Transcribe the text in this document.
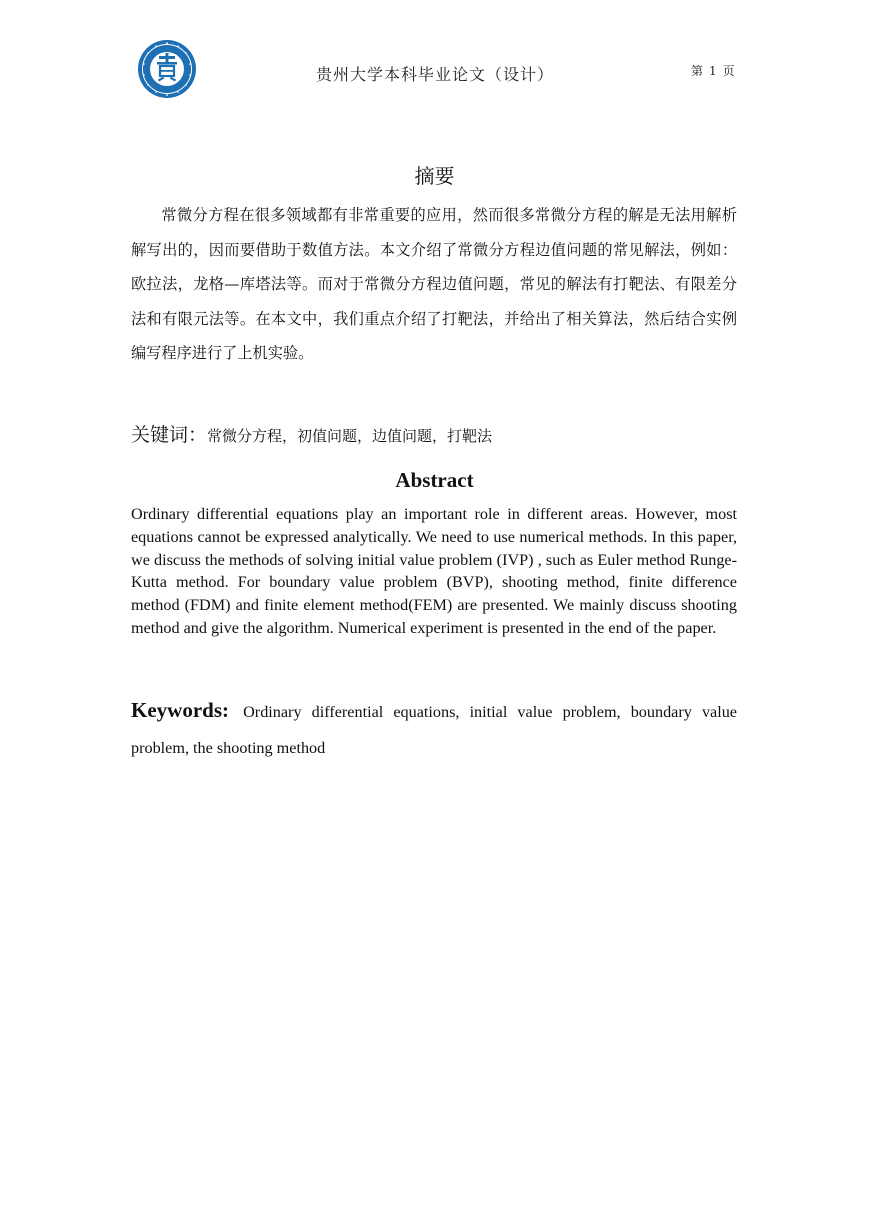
贵州大学本科毕业论文（设计）	第 1 页
摘要
常微分方程在很多领域都有非常重要的应用，然而很多常微分方程的解是无法用解析解写出的，因而要借助于数值方法。本文介绍了常微分方程边值问题的常见解法，例如：欧拉法，龙格—库塔法等。而对于常微分方程边值问题，常见的解法有打靶法、有限差分法和有限元法等。在本文中，我们重点介绍了打靶法，并给出了相关算法，然后结合实例编写程序进行了上机实验。
关键词：常微分方程，初值问题，边值问题，打靶法
Abstract
Ordinary differential equations play an important role in different areas. However, most equations cannot be expressed analytically. We need to use numerical methods. In this paper, we discuss the methods of solving initial value problem (IVP) , such as Euler method Runge-Kutta method. For boundary value problem (BVP), shooting method, finite difference method (FDM) and finite element method(FEM) are presented. We mainly discuss shooting method and give the algorithm. Numerical experiment is presented in the end of the paper.
Keywords: Ordinary differential equations, initial value problem, boundary value problem, the shooting method
